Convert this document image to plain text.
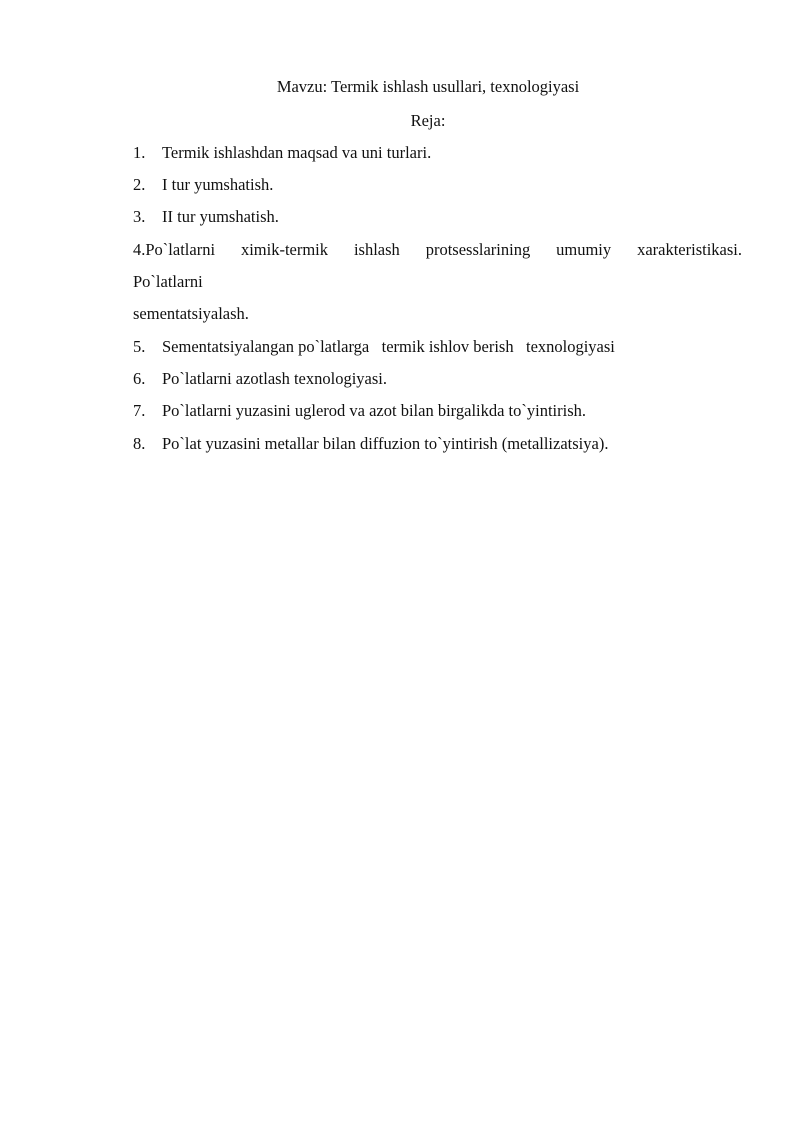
Mavzu: Termik ishlash usullari, texnologiyasi
Reja:
1. Termik ishlashdan maqsad va uni turlari.
2. I tur yumshatish.
3. II tur yumshatish.
4.Po`latlarni ximik-termik ishlash protsesslarining umumiy xarakteristikasi.
Po`latlarni
sementatsiyalash.
5. Sementatsiyalangan po`latlarga   termik ishlov berish   texnologiyasi
6. Po`latlarni azotlash texnologiyasi.
7. Po`latlarni yuzasini uglerod va azot bilan birgalikda to`yintirish.
8. Po`lat yuzasini metallar bilan diffuzion to`yintirish (metallizatsiya).
